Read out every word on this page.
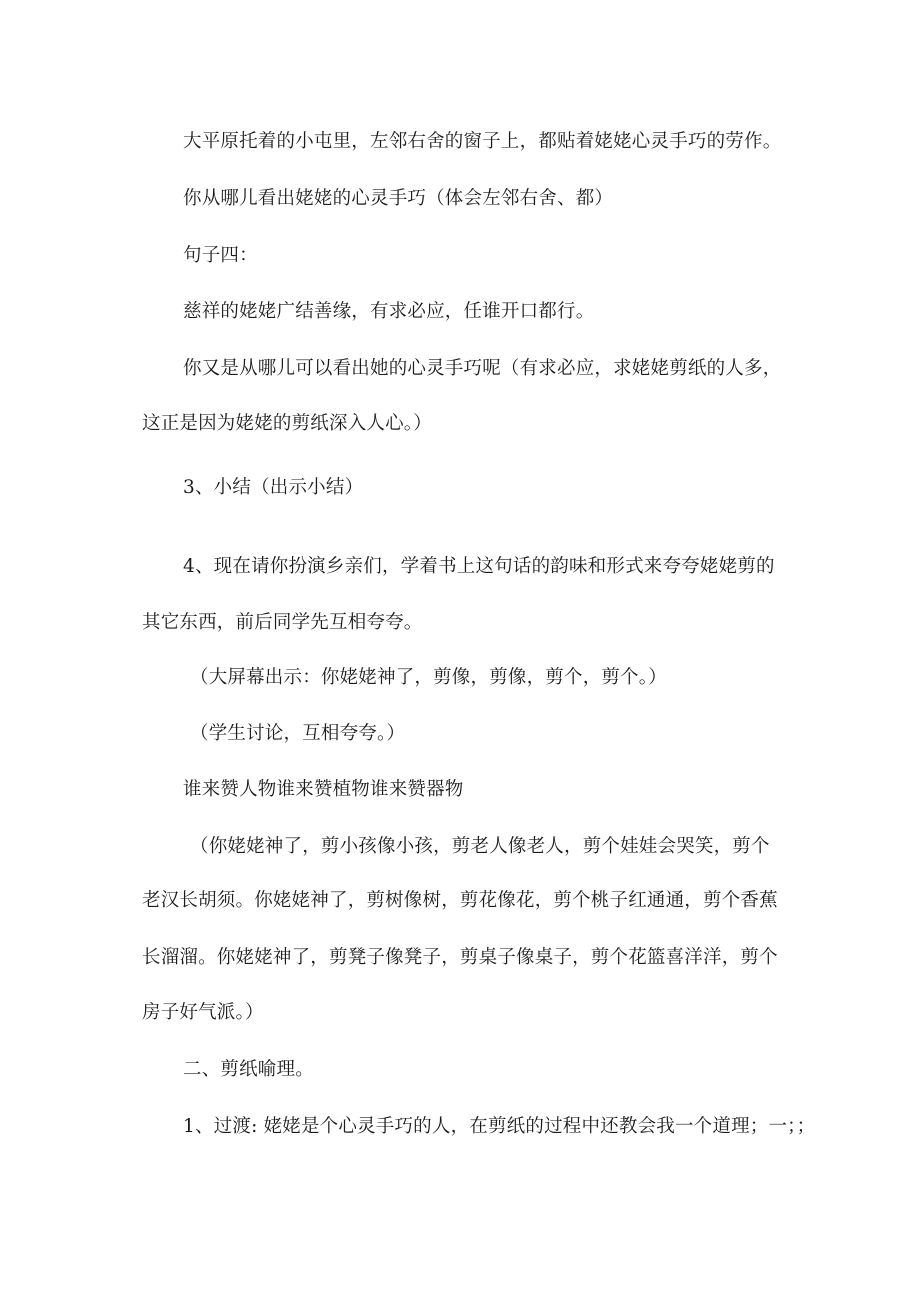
大平原托着的小屯里，左邻右舍的窗子上，都贴着姥姥心灵手巧的劳作。
你从哪儿看出姥姥的心灵手巧（体会左邻右舍、都）
句子四：
慈祥的姥姥广结善缘，有求必应，任谁开口都行。
你又是从哪儿可以看出她的心灵手巧呢（有求必应，求姥姥剪纸的人多，
这正是因为姥姥的剪纸深入人心。）
3、小结（出示小结）
4、现在请你扮演乡亲们，学着书上这句话的韵味和形式来夸夸姥姥剪的
其它东西，前后同学先互相夸夸。
（大屏幕出示：你姥姥神了，剪像，剪像，剪个，剪个。）
（学生讨论，互相夸夸。）
谁来赞人物谁来赞植物谁来赞器物
（你姥姥神了，剪小孩像小孩，剪老人像老人，剪个娃娃会哭笑，剪个
老汉长胡须。你姥姥神了，剪树像树，剪花像花，剪个桃子红通通，剪个香蕉
长溜溜。你姥姥神了，剪凳子像凳子，剪桌子像桌子，剪个花篮喜洋洋，剪个
房子好气派。）
二、剪纸喻理。
1、过渡: 姥姥是个心灵手巧的人，在剪纸的过程中还教会我一个道理；一；；
